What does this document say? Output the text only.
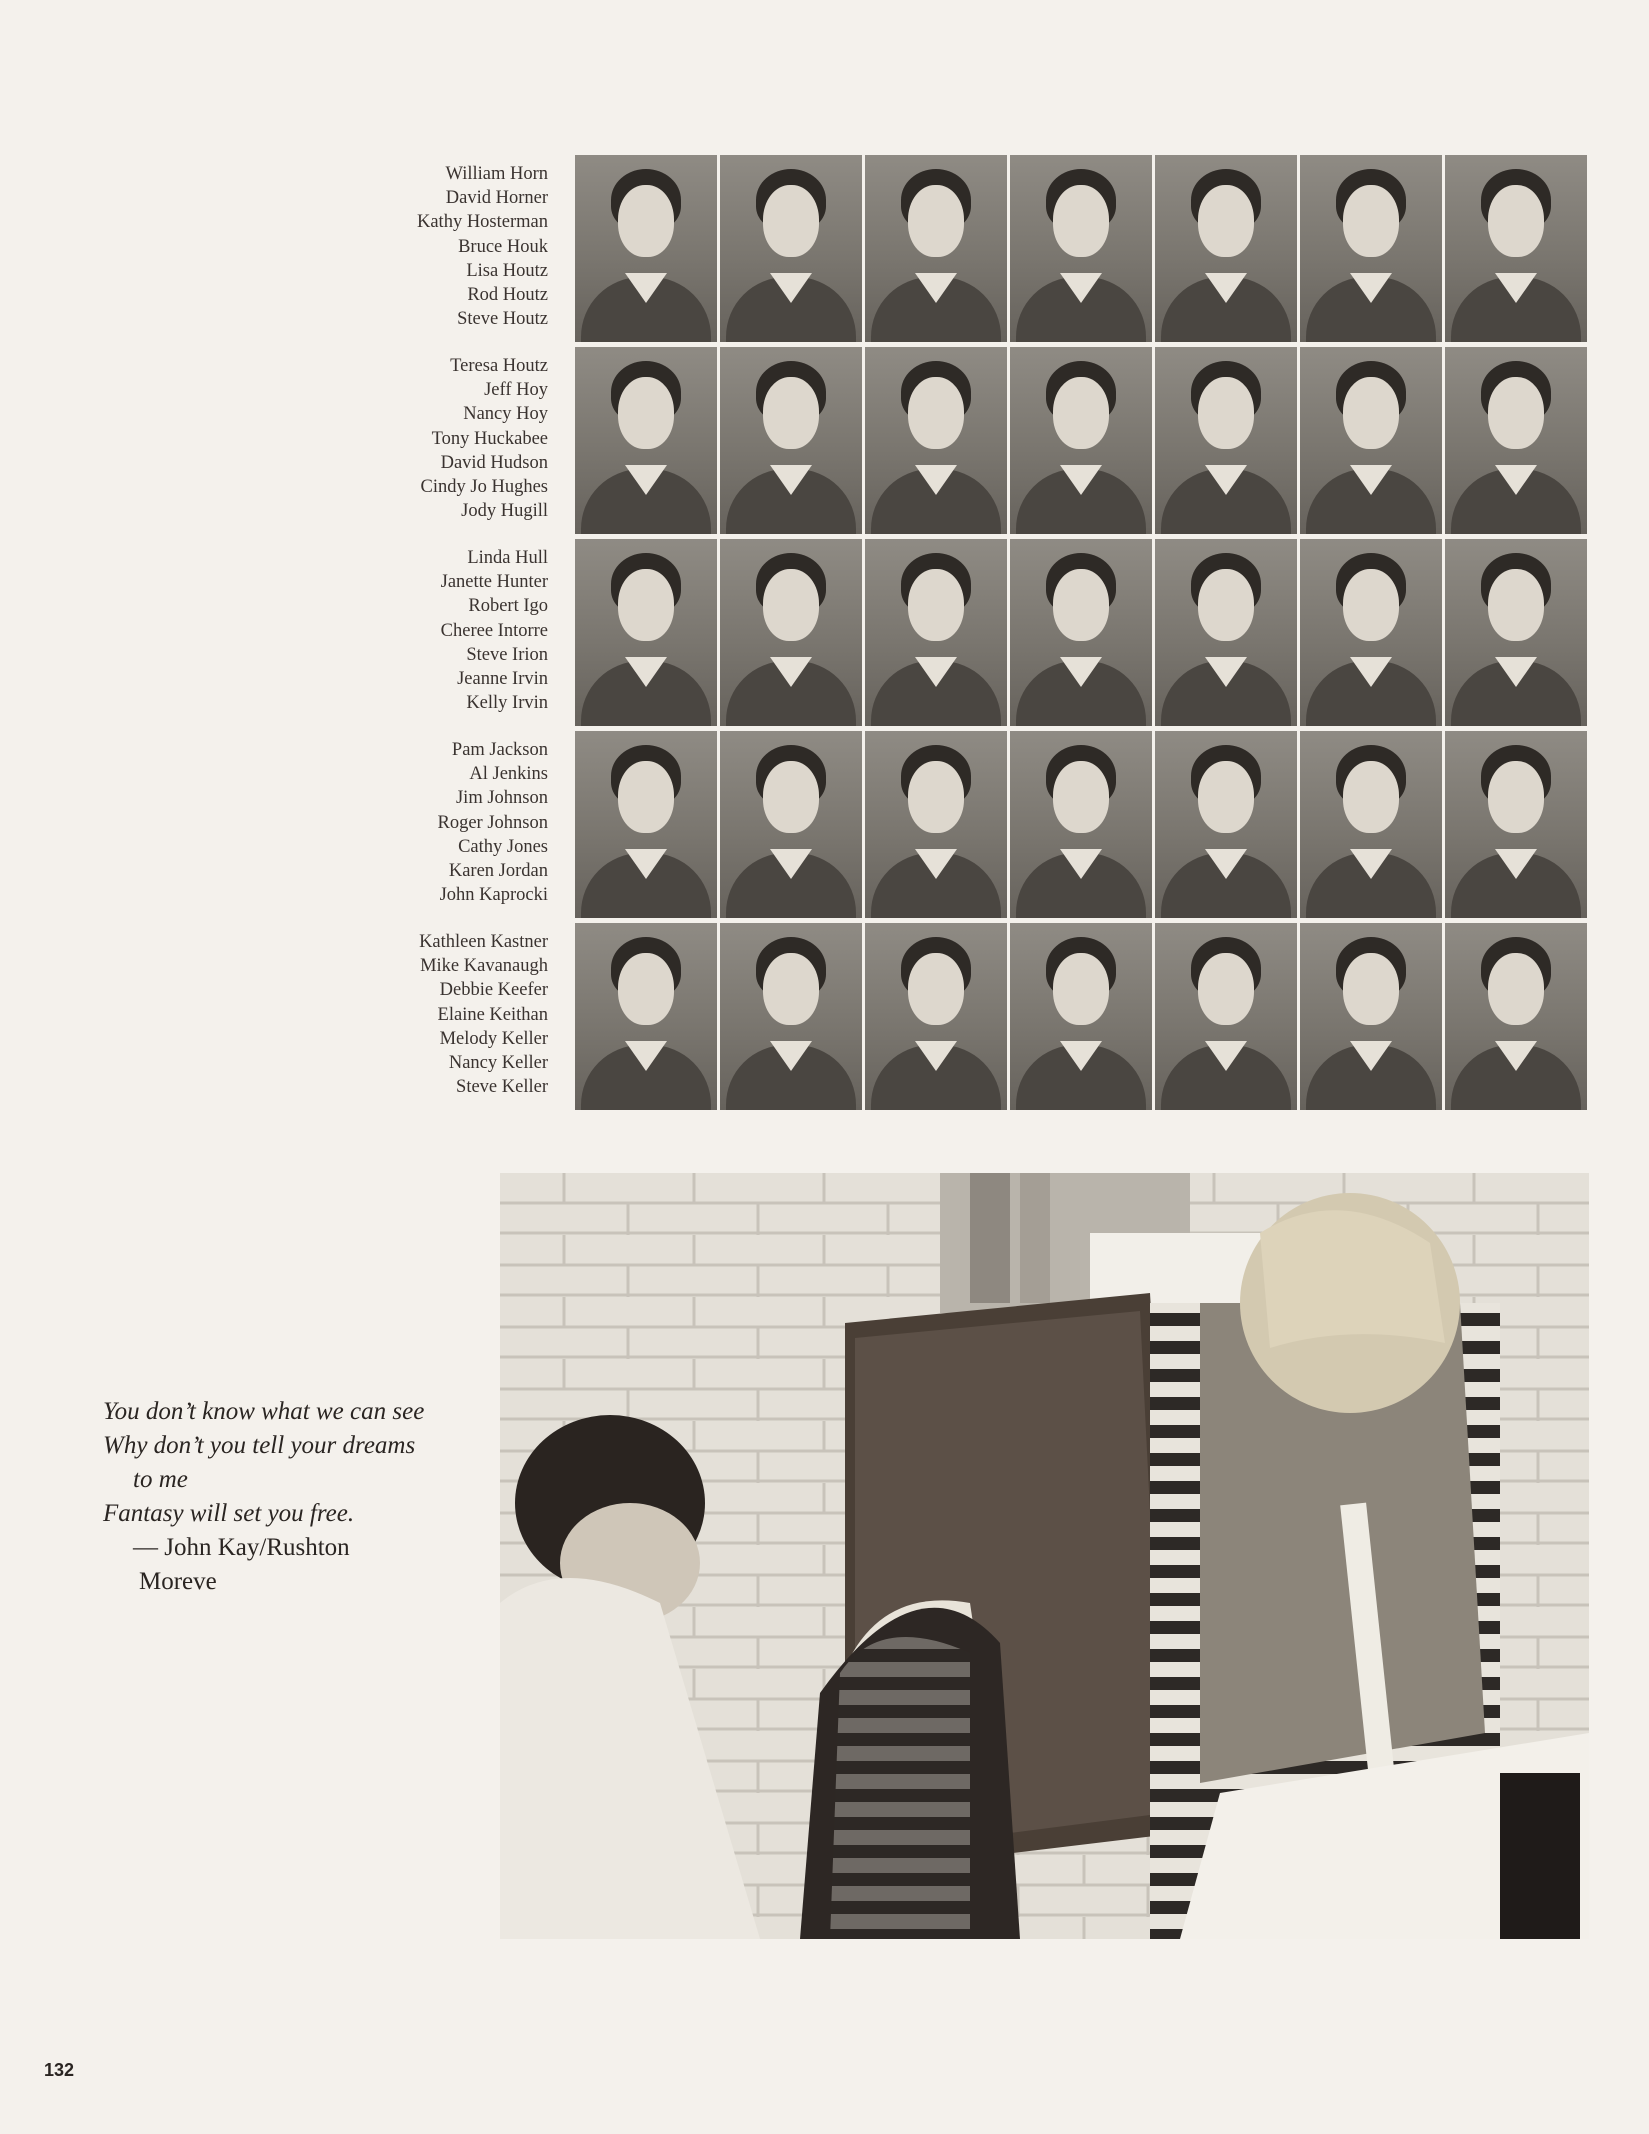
William Horn
David Horner
Kathy Hosterman
Bruce Houk
Lisa Houtz
Rod Houtz
Steve Houtz
Teresa Houtz
Jeff Hoy
Nancy Hoy
Tony Huckabee
David Hudson
Cindy Jo Hughes
Jody Hugill
Linda Hull
Janette Hunter
Robert Igo
Cheree Intorre
Steve Irion
Jeanne Irvin
Kelly Irvin
Pam Jackson
Al Jenkins
Jim Johnson
Roger Johnson
Cathy Jones
Karen Jordan
John Kaprocki
Kathleen Kastner
Mike Kavanaugh
Debbie Keefer
Elaine Keithan
Melody Keller
Nancy Keller
Steve Keller
You don’t know what we can see
Why don’t you tell your dreams
to me
Fantasy will set you free.
— John Kay/Rushton
Moreve
132
